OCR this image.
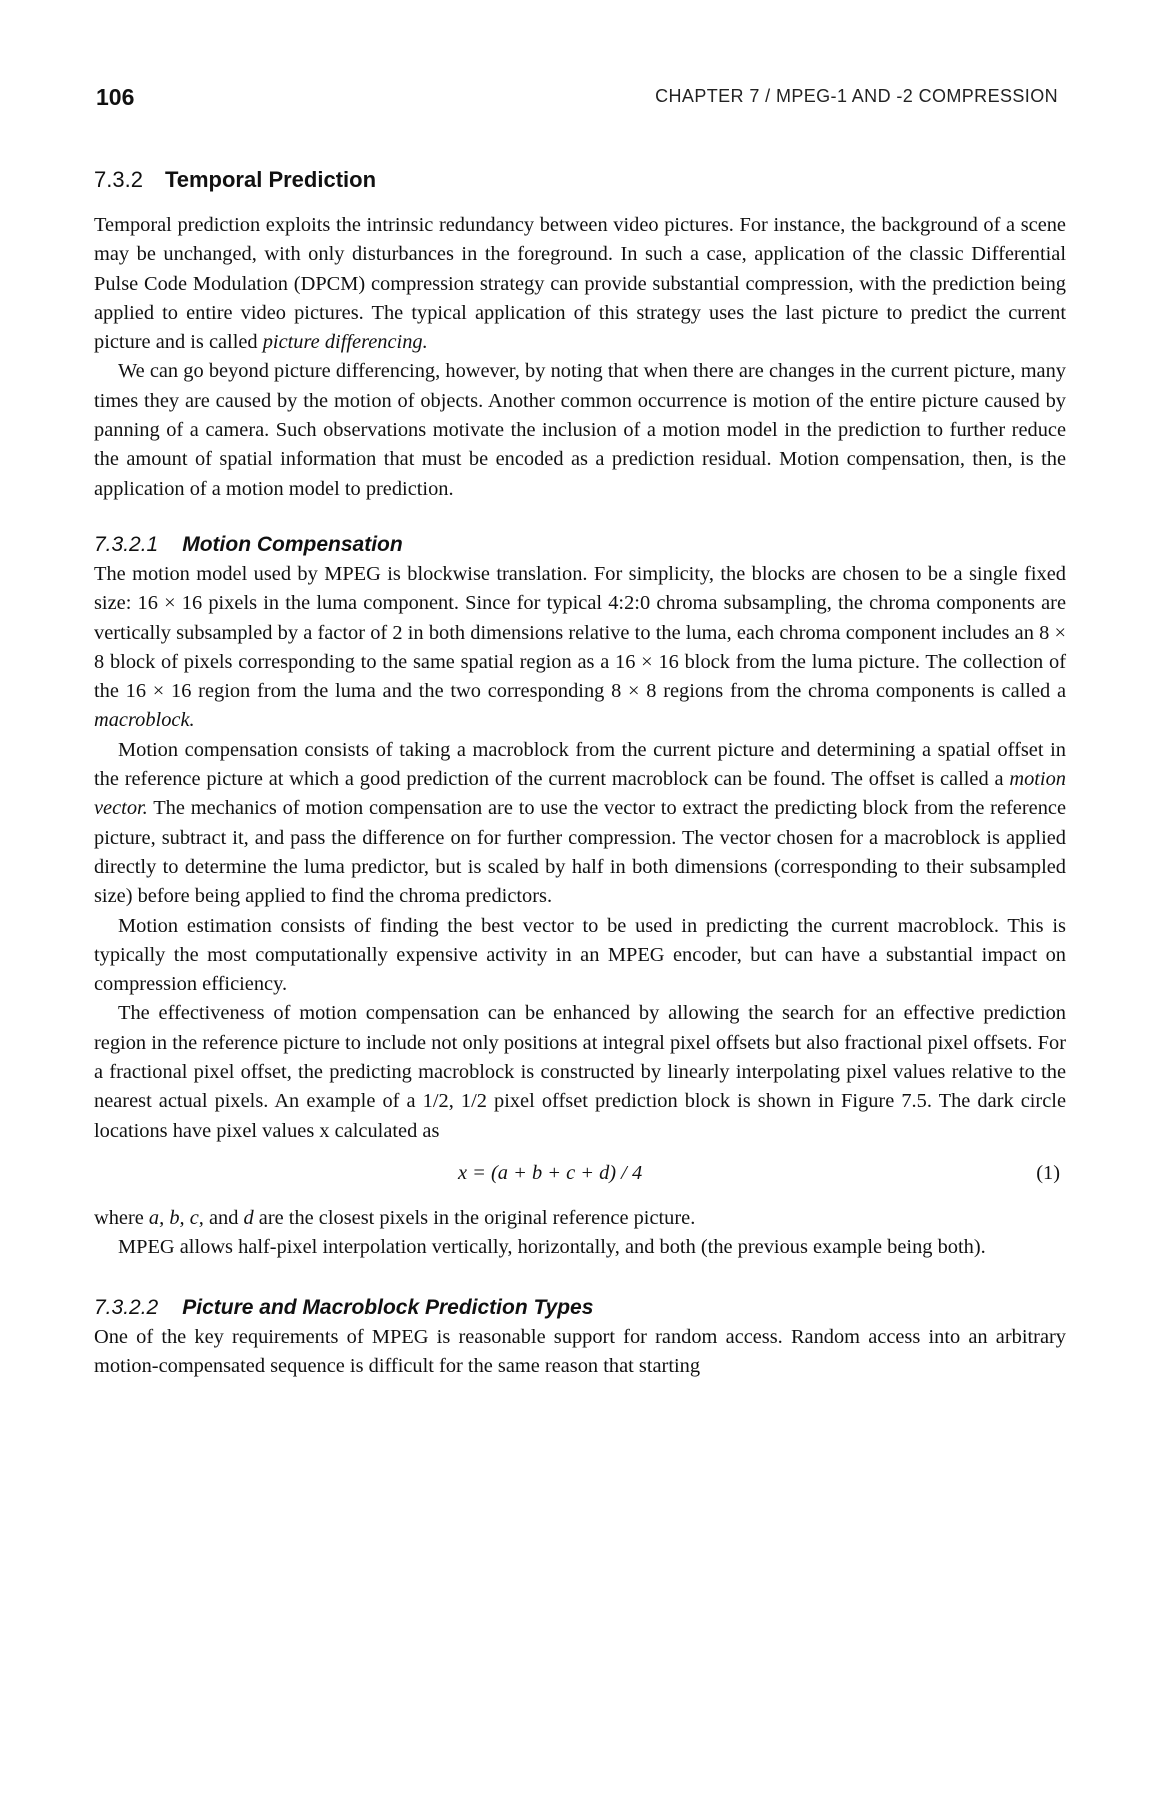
106	CHAPTER 7 / MPEG-1 AND -2 COMPRESSION
7.3.2 Temporal Prediction

Temporal prediction exploits the intrinsic redundancy between video pictures. For instance, the background of a scene may be unchanged, with only disturbances in the foreground. In such a case, application of the classic Differential Pulse Code Modulation (DPCM) compression strategy can provide substantial compression, with the prediction being applied to entire video pictures. The typical application of this strategy uses the last picture to predict the current picture and is called picture differencing.

We can go beyond picture differencing, however, by noting that when there are changes in the current picture, many times they are caused by the motion of objects. Another common occurrence is motion of the entire picture caused by panning of a camera. Such observations motivate the inclusion of a motion model in the prediction to further reduce the amount of spatial information that must be encoded as a prediction residual. Motion compensation, then, is the application of a motion model to prediction.

7.3.2.1 Motion Compensation

The motion model used by MPEG is blockwise translation. For simplicity, the blocks are chosen to be a single fixed size: 16 × 16 pixels in the luma component. Since for typical 4:2:0 chroma subsampling, the chroma components are vertically subsampled by a factor of 2 in both dimensions relative to the luma, each chroma component includes an 8 × 8 block of pixels corresponding to the same spatial region as a 16 × 16 block from the luma picture. The collection of the 16 × 16 region from the luma and the two corresponding 8 × 8 regions from the chroma components is called a macroblock.

Motion compensation consists of taking a macroblock from the current picture and determining a spatial offset in the reference picture at which a good prediction of the current macroblock can be found. The offset is called a motion vector. The mechanics of motion compensation are to use the vector to extract the predicting block from the reference picture, subtract it, and pass the difference on for further compression. The vector chosen for a macroblock is applied directly to determine the luma predictor, but is scaled by half in both dimensions (corresponding to their subsampled size) before being applied to find the chroma predictors.

Motion estimation consists of finding the best vector to be used in predicting the current macroblock. This is typically the most computationally expensive activity in an MPEG encoder, but can have a substantial impact on compression efficiency.

The effectiveness of motion compensation can be enhanced by allowing the search for an effective prediction region in the reference picture to include not only positions at integral pixel offsets but also fractional pixel offsets. For a fractional pixel offset, the predicting macroblock is constructed by linearly interpolating pixel values relative to the nearest actual pixels. An example of a 1/2, 1/2 pixel offset prediction block is shown in Figure 7.5. The dark circle locations have pixel values x calculated as

x = (a + b + c + d) / 4	(1)

where a, b, c, and d are the closest pixels in the original reference picture.

MPEG allows half-pixel interpolation vertically, horizontally, and both (the previous example being both).

7.3.2.2 Picture and Macroblock Prediction Types

One of the key requirements of MPEG is reasonable support for random access. Random access into an arbitrary motion-compensated sequence is difficult for the same reason that starting
